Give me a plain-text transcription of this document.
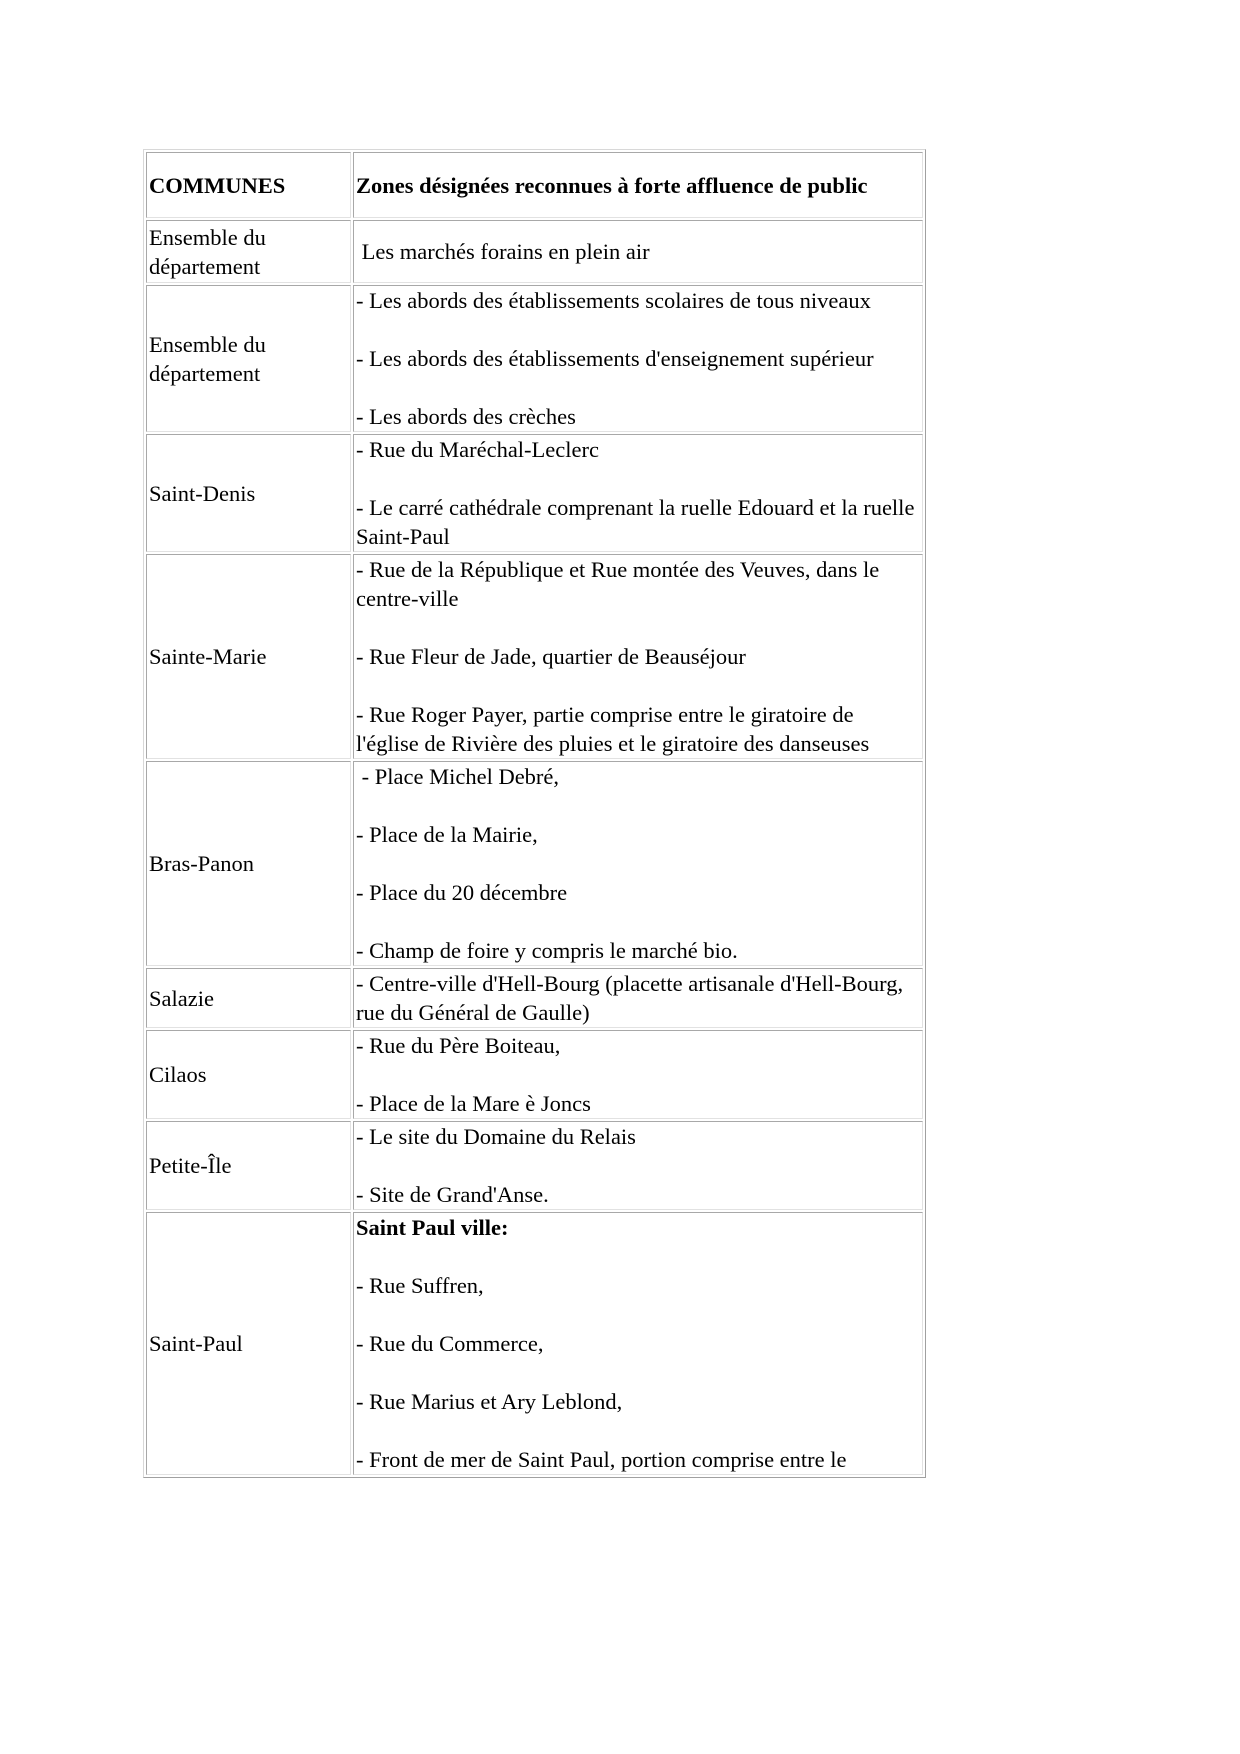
COMMUNES	Zones désignées reconnues à forte affluence de public
Ensemble du département	Les marchés forains en plein air

Ensemble du département	- Les abords des établissements scolaires de tous niveaux
- Les abords des établissements d'enseignement supérieur
- Les abords des crèches

Saint-Denis	- Rue du Maréchal-Leclerc
- Le carré cathédrale comprenant la ruelle Edouard et la ruelle Saint-Paul

Sainte-Marie	- Rue de la République et Rue montée des Veuves, dans le centre-ville
- Rue Fleur de Jade, quartier de Beauséjour
- Rue Roger Payer, partie comprise entre le giratoire de l'église de Rivière des pluies et le giratoire des danseuses

Bras-Panon	- Place Michel Debré,
- Place de la Mairie,
- Place du 20 décembre
- Champ de foire y compris le marché bio.

Salazie	- Centre-ville d'Hell-Bourg (placette artisanale d'Hell-Bourg, rue du Général de Gaulle)

Cilaos	- Rue du Père Boiteau,
- Place de la Mare è Joncs

Petite-Île	- Le site du Domaine du Relais
- Site de Grand'Anse.

Saint-Paul	Saint Paul ville:
- Rue Suffren,
- Rue du Commerce,
- Rue Marius et Ary Leblond,
- Front de mer de Saint Paul, portion comprise entre le
